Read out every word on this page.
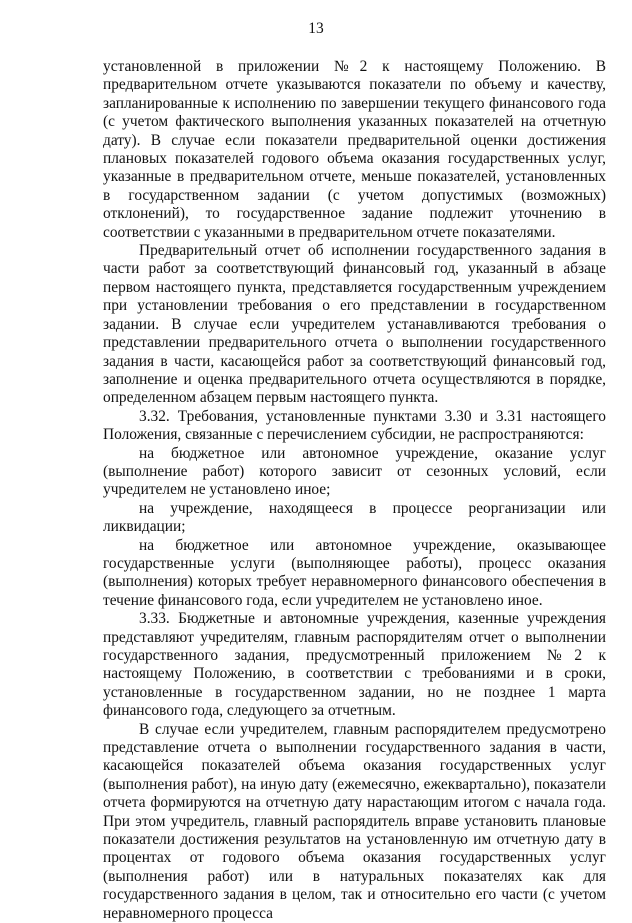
13

установленной в приложении №2 к настоящему Положению. В предварительном отчете указываются показатели по объему и качеству, запланированные к исполнению по завершении текущего финансового года (с учетом фактического выполнения указанных показателей на отчетную дату). В случае если показатели предварительной оценки достижения плановых показателей годового объема оказания государственных услуг, указанные в предварительном отчете, меньше показателей, установленных в государственном задании (с учетом допустимых (возможных) отклонений), то государственное задание подлежит уточнению в соответствии с указанными в предварительном отчете показателями.

Предварительный отчет об исполнении государственного задания в части работ за соответствующий финансовый год, указанный в абзаце первом настоящего пункта, представляется государственным учреждением при установлении требования о его представлении в государственном задании. В случае если учредителем устанавливаются требования о представлении предварительного отчета о выполнении государственного задания в части, касающейся работ за соответствующий финансовый год, заполнение и оценка предварительного отчета осуществляются в порядке, определенном абзацем первым настоящего пункта.

3.32. Требования, установленные пунктами 3.30 и 3.31 настоящего Положения, связанные с перечислением субсидии, не распространяются:

на бюджетное или автономное учреждение, оказание услуг (выполнение работ) которого зависит от сезонных условий, если учредителем не установлено иное;

на учреждение, находящееся в процессе реорганизации или ликвидации;

на бюджетное или автономное учреждение, оказывающее государственные услуги (выполняющее работы), процесс оказания (выполнения) которых требует неравномерного финансового обеспечения в течение финансового года, если учредителем не установлено иное.

3.33. Бюджетные и автономные учреждения, казенные учреждения представляют учредителям, главным распорядителям отчет о выполнении государственного задания, предусмотренный приложением №2 к настоящему Положению, в соответствии с требованиями и в сроки, установленные в государственном задании, но не позднее 1 марта финансового года, следующего за отчетным.

В случае если учредителем, главным распорядителем предусмотрено представление отчета о выполнении государственного задания в части, касающейся показателей объема оказания государственных услуг (выполнения работ), на иную дату (ежемесячно, ежеквартально), показатели отчета формируются на отчетную дату нарастающим итогом с начала года. При этом учредитель, главный распорядитель вправе установить плановые показатели достижения результатов на установленную им отчетную дату в процентах от годового объема оказания государственных услуг (выполнения работ) или в натуральных показателях как для государственного задания в целом, так и относительно его части (с учетом неравномерного процесса
